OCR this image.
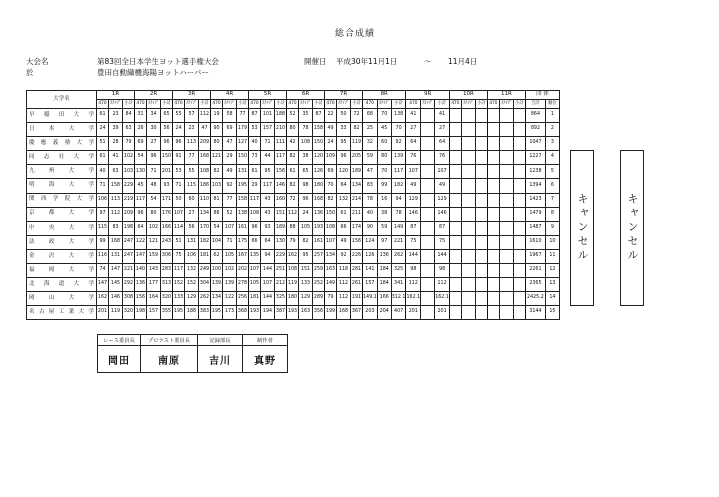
総合成績
大会名	第83回全日本学生ヨット選手権大会	開催日 平成30年11月1日	〜 11月4日
於	豊田自動織機海陽ヨットハーバー
大学名	1R			2R			3R			4R			5R			6R			7R			8R			9R			10R			11R			団 体	
	470	ｽﾅｲﾌﾟ	小計	470	ｽﾅｲﾌﾟ	小計	470	ｽﾅｲﾌﾟ	小計	470	ｽﾅｲﾌﾟ	小計	470	ｽﾅｲﾌﾟ	小計	470	ｽﾅｲﾌﾟ	小計	470	ｽﾅｲﾌﾟ	小計	470	ｽﾅｲﾌﾟ	小計	470	ｽﾅｲﾌﾟ	小計	470	ｽﾅｲﾌﾟ	小計	470	ｽﾅｲﾌﾟ	小計	合計	順位
早稲田大学	61	23	84	31	34	65	55	57	112	19	58	77	87	101	188	52	35	87	22	50	72	68	70	138	41		41							864	1
日本大学	24	39	63	26	30	56	24	23	47	90	69	179	53	157	210	80	78	158	49	33	82	25	45	70	27		27							892	2
慶應義塾大学	51	28	79	69	27	96	96	113	209	80	47	127	40	71	111	42	108	150	24	95	119	32	60	92	64		64							1047	3
同志社大学	61	41	102	54	96	150	91	77	168	121	29	150	73	44	117	82	38	120	109	96	205	59	80	139	76		76							1227	4
九州大学	40	63	103	130	71	201	53	55	108	82	49	131	61	95	156	61	65	126	69	120	189	47	70	117	107		107							1238	5
明海大学	71	158	229	45	48	93	71	115	186	103	92	195	29	117	146	82	98	180	70	64	134	83	99	182	49		49							1394	6
関西学院大学	106	113	219	117	54	171	50	60	110	81	77	158	117	43	160	72	96	168	82	132	214	78	16	94	129		129							1423	7
京都大学	97	112	209	96	80	176	107	27	134	86	52	138	108	43	151	112	24	136	150	61	211	40	38	78	146		146							1479	8
中央大学	115	83	198	64	102	166	114	56	170	54	107	161	96	93	189	88	105	193	108	66	174	90	59	149	87		87							1487	9
法政大学	99	168	247	122	121	243	51	131	182	104	71	175	66	64	130	79	82	161	107	49	156	124	97	221	75		75							1610	10
金沢大学	116	131	247	147	159	306	75	106	181	62	105	167	135	94	229	162	95	257	134	92	226	126	136	262	144		144							1967	11
福岡大学	74	147	221	140	143	283	117	132	249	100	102	202	107	144	251	108	151	259	163	118	281	141	184	325	98		98							2261	12
北海道大学	147	145	292	136	177	313	152	152	304	139	139	278	105	107	212	119	133	252	149	112	261	157	184	341	112		112							2365	13
岡山大学	162	146	308	156	164	320	133	129	262	134	122	256	181	144	325	180	129	289	79	112	191	149.1	166	312.1	162.1		162.1							2425.2	14
名古屋工業大学	201	119	320	198	157	355	195	188	383	195	173	368	193	194	387	193	163	356	199	168	367	203	204	407	201		201							3144	15
キャンセル	キャンセル
レース委員長	プロテスト委員長	記録部長	制作者
岡田	南原	吉川	真野
